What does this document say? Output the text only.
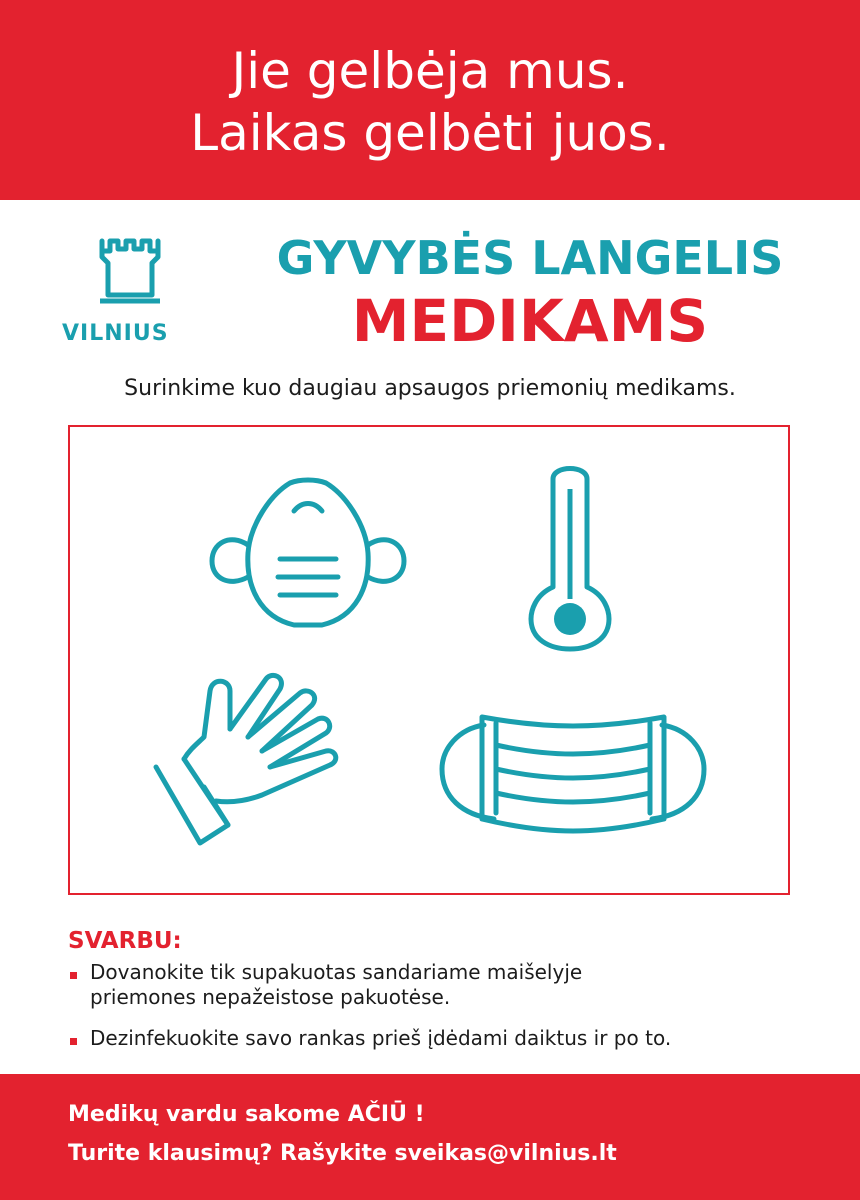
Jie gelbėja mus.
Laikas gelbėti juos.
VILNIUS
GYVYBĖS LANGELIS
MEDIKAMS
Surinkime kuo daugiau apsaugos priemonių medikams.
SVARBU:
Dovanokite tik supakuotas sandariame maišelyje
priemones nepažeistose pakuotėse.
Dezinfekuokite savo rankas prieš įdėdami daiktus ir po to.
Medikų vardu sakome AČIŪ !
Turite klausimų? Rašykite sveikas@vilnius.lt
